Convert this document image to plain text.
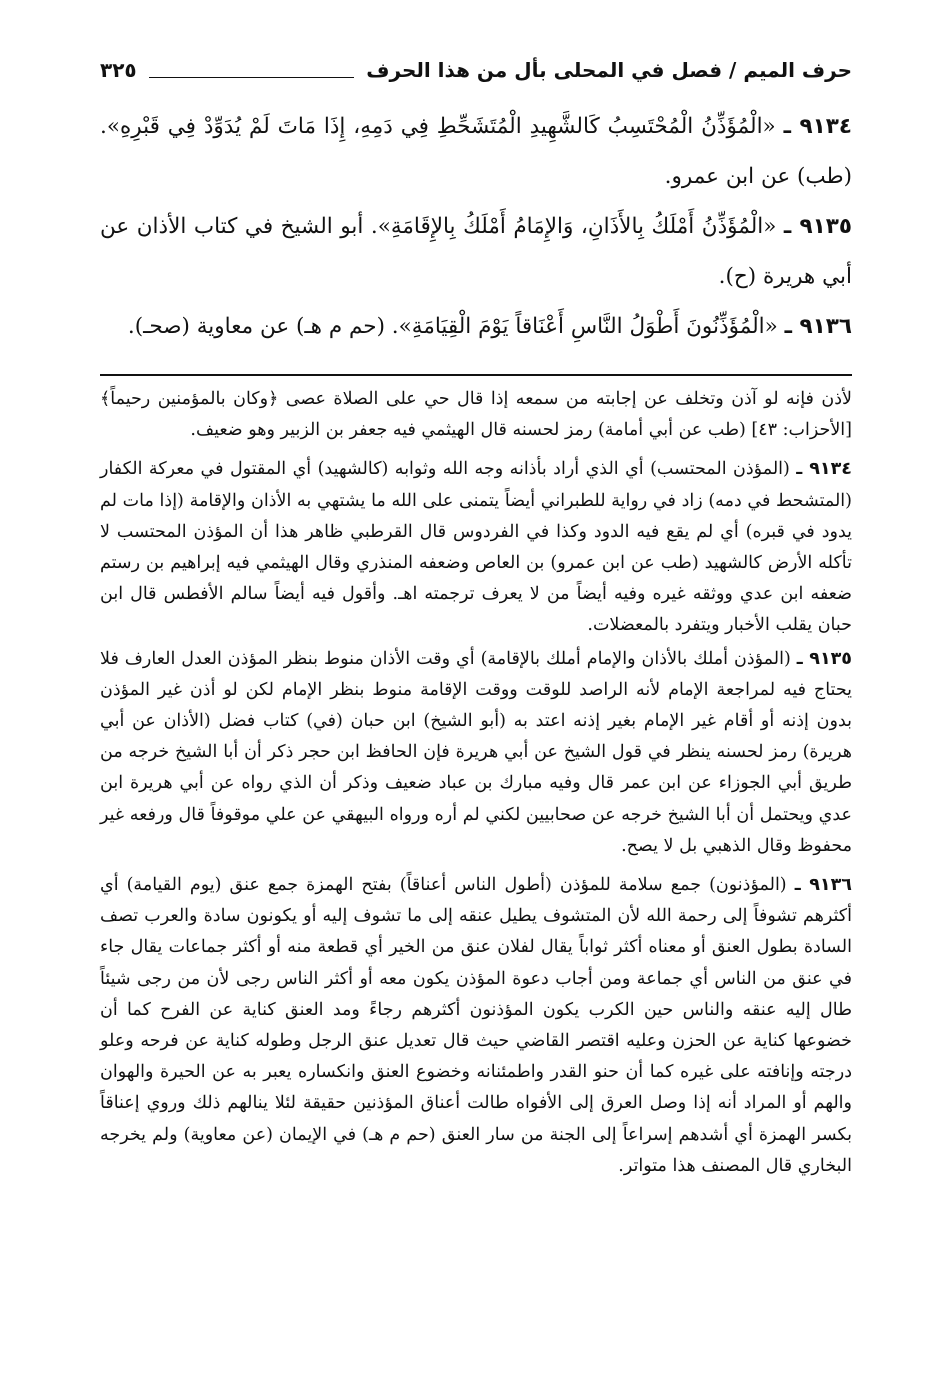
حرف الميم / فصل في المحلى بأل من هذا الحرف
٣٢٥

٩١٣٤ ـ «الْمُؤَذِّنُ الْمُحْتَسِبُ كَالشَّهِيدِ الْمُتَشَحِّطِ فِي دَمِهِ، إِذَا مَاتَ لَمْ يُدَوِّدْ فِي قَبْرِهِ». (طب) عن ابن عمرو.

٩١٣٥ ـ «الْمُؤَذِّنُ أَمْلَكُ بِالأَذَانِ، وَالإِمَامُ أَمْلَكُ بِالإِقَامَةِ». أبو الشيخ في كتاب الأذان عن أبي هريرة (ح).

٩١٣٦ ـ «الْمُؤَذِّنُونَ أَطْوَلُ النَّاسِ أَعْنَاقاً يَوْمَ الْقِيَامَةِ». (حم م هـ) عن معاوية (صحـ).

لأذن فإنه لو آذن وتخلف عن إجابته من سمعه إذا قال حي على الصلاة عصى ﴿وكان بالمؤمنين رحيماً﴾ [الأحزاب: ٤٣] (طب عن أبي أمامة) رمز لحسنه قال الهيثمي فيه جعفر بن الزبير وهو ضعيف.

٩١٣٤ ـ (المؤذن المحتسب) أي الذي أراد بأذانه وجه الله وثوابه (كالشهيد) أي المقتول في معركة الكفار (المتشحط في دمه) زاد في رواية للطبراني أيضاً يتمنى على الله ما يشتهي به الأذان والإقامة (إذا مات لم يدود في قبره) أي لم يقع فيه الدود وكذا في الفردوس قال القرطبي ظاهر هذا أن المؤذن المحتسب لا تأكله الأرض كالشهيد (طب عن ابن عمرو) بن العاص وضعفه المنذري وقال الهيثمي فيه إبراهيم بن رستم ضعفه ابن عدي ووثقه غيره وفيه أيضاً من لا يعرف ترجمته اهـ. وأقول فيه أيضاً سالم الأفطس قال ابن حبان يقلب الأخبار ويتفرد بالمعضلات.

٩١٣٥ ـ (المؤذن أملك بالأذان والإمام أملك بالإقامة) أي وقت الأذان منوط بنظر المؤذن العدل العارف فلا يحتاج فيه لمراجعة الإمام لأنه الراصد للوقت ووقت الإقامة منوط بنظر الإمام لكن لو أذن غير المؤذن بدون إذنه أو أقام غير الإمام بغير إذنه اعتد به (أبو الشيخ) ابن حبان (في) كتاب فضل (الأذان عن أبي هريرة) رمز لحسنه ينظر في قول الشيخ عن أبي هريرة فإن الحافظ ابن حجر ذكر أن أبا الشيخ خرجه من طريق أبي الجوزاء عن ابن عمر قال وفيه مبارك بن عباد ضعيف وذكر أن الذي رواه عن أبي هريرة ابن عدي ويحتمل أن أبا الشيخ خرجه عن صحابيين لكني لم أره ورواه البيهقي عن علي موقوفاً قال ورفعه غير محفوظ وقال الذهبي بل لا يصح.

٩١٣٦ ـ (المؤذنون) جمع سلامة للمؤذن (أطول الناس أعناقاً) بفتح الهمزة جمع عنق (يوم القيامة) أي أكثرهم تشوفاً إلى رحمة الله لأن المتشوف يطيل عنقه إلى ما تشوف إليه أو يكونون سادة والعرب تصف السادة بطول العنق أو معناه أكثر ثواباً يقال لفلان عنق من الخير أي قطعة منه أو أكثر جماعات يقال جاء في عنق من الناس أي جماعة ومن أجاب دعوة المؤذن يكون معه أو أكثر الناس رجى لأن من رجى شيئاً طال إليه عنقه والناس حين الكرب يكون المؤذنون أكثرهم رجاءً ومد العنق كناية عن الفرح كما أن خضوعها كناية عن الحزن وعليه اقتصر القاضي حيث قال تعديل عنق الرجل وطوله كناية عن فرحه وعلو درجته وإنافته على غيره كما أن حنو القدر واطمئنانه وخضوع العنق وانكساره يعبر به عن الحيرة والهوان والهم أو المراد أنه إذا وصل العرق إلى الأفواه طالت أعناق المؤذنين حقيقة لئلا ينالهم ذلك وروي إعناقاً بكسر الهمزة أي أشدهم إسراعاً إلى الجنة من سار العنق (حم م هـ) في الإيمان (عن معاوية) ولم يخرجه البخاري قال المصنف هذا متواتر.
